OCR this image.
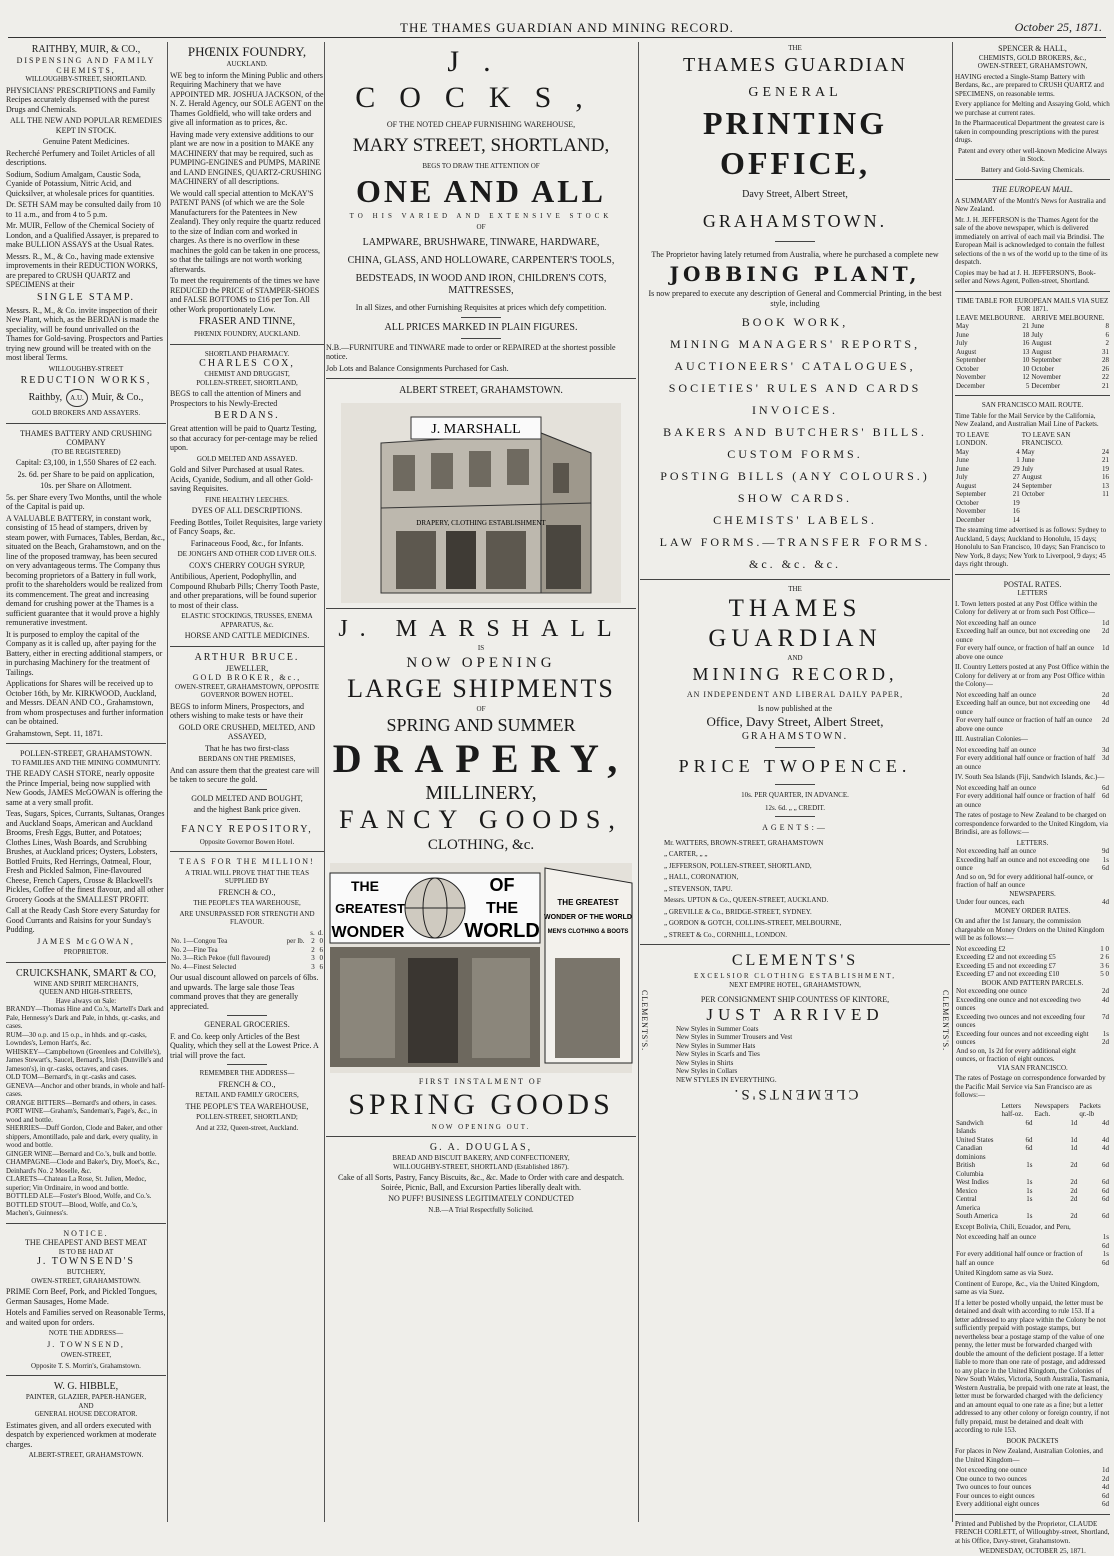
THE THAMES GUARDIAN AND MINING RECORD.	October 25, 1871.
RAITHBY, MUIR, & CO.,
DISPENSING AND FAMILY CHEMISTS,
WILLOUGHBY-STREET, SHORTLAND.

PHYSICIANS' PRESCRIPTIONS and Family Recipes accurately dispensed with the purest Drugs and Chemicals.

ALL THE NEW AND POPULAR REMEDIES KEPT IN STOCK.

Genuine Patent Medicines.

Recherché Perfumery and Toilet Articles of all descriptions.

Sodium, Sodium Amalgam, Caustic Soda, Cyanide of Potassium, Nitric Acid, and Quicksilver, at wholesale prices for quantities.

Dr. SETH SAM may be consulted daily from 10 to 11 a.m., and from 4 to 5 p.m.

Mr. MUIR, Fellow of the Chemical Society of London, and a Qualified Assayer, is prepared to make BULLION ASSAYS at the Usual Rates.

Messrs. R., M., & Co., having made extensive improvements in their REDUCTION WORKS, are prepared to CRUSH QUARTZ and SPECIMENS at their

SINGLE STAMP.

Messrs. R., M., & Co. invite inspection of their New Plant, which, as the BERDAN is made the speciality, will be found unrivalled on the Thames for Gold-saving. Prospectors and Parties trying new ground will be treated with on the most liberal Terms.

WILLOUGHBY-STREET

REDUCTION WORKS,

Raithby,	A.U. Muir, & Co.,

GOLD BROKERS AND ASSAYERS.

THAMES BATTERY AND CRUSHING COMPANY
(TO BE REGISTERED)

Capital: £3,100, in 1,550 Shares of £2 each.

2s. 6d. per Share to be paid on application,

10s. per Share on Allotment.

5s. per Share every Two Months, until the whole of the Capital is paid up.

A VALUABLE BATTERY, in constant work, consisting of 15 head of stampers, driven by steam power, with Furnaces, Tables, Berdan, &c., situated on the Beach, Grahamstown, and on the line of the proposed tramway, has been secured on very advantageous terms. The Company thus becoming proprietors of a Battery in full work, profit to the shareholders would be realized from its commencement. The great and increasing demand for crushing power at the Thames is a sufficient guarantee that it would prove a highly remunerative investment.

It is purposed to employ the capital of the Company as it is called up, after paying for the Battery, either in erecting additional stampers, or in purchasing Machinery for the treatment of Tailings.

Applications for Shares will be received up to October 16th, by Mr. KIRKWOOD, Auckland, and Messrs. DEAN AND CO., Grahamstown, from whom prospectuses and further information can be obtained.

Grahamstown, Sept. 11, 1871.

POLLEN-STREET, GRAHAMSTOWN.
TO FAMILIES AND THE MINING COMMUNITY.

THE READY CASH STORE, nearly opposite the Prince Imperial, being now supplied with New Goods, JAMES McGOWAN is offering the same at a very small profit.

Teas, Sugars, Spices, Currants, Sultanas, Oranges and Auckland Soaps, American and Auckland Brooms, Fresh Eggs, Butter, and Potatoes; Clothes Lines, Wash Boards, and Scrubbing Brushes, at Auckland prices; Oysters, Lobsters, Bottled Fruits, Red Herrings, Oatmeal, Flour, Fresh and Pickled Salmon, Fine-flavoured Cheese, French Capers, Crosse & Blackwell's Pickles, Coffee of the finest flavour, and all other Grocery Goods at the SMALLEST PROFIT.

Call at the Ready Cash Store every Saturday for Good Currants and Raisins for your Sunday's Pudding.

JAMES McGOWAN,

PROPRIETOR.

CRUICKSHANK, SMART & CO,
WINE AND SPIRIT MERCHANTS,
QUEEN AND HIGH-STREETS,
Have always on Sale:
BRANDY—Thomas Hine and Co.'s, Martell's Dark and Pale, Hennessy's Dark and Pale, in hhds, qr.-casks, and cases.
RUM—30 o.p. and 15 o.p., in hhds. and qr.-casks, Lowndes's, Lemon Hart's, &c.
WHISKEY—Campbeltown (Greenlees and Colville's), James Stewart's, Saucel, Bernard's, Irish (Dunville's and Jameson's), in qr.-casks, octaves, and cases.
OLD TOM—Bernard's, in qr.-casks and cases.
GENEVA—Anchor and other brands, in whole and half-cases.
ORANGE BITTERS—Bernard's and others, in cases.
PORT WINE—Graham's, Sandeman's, Page's, &c., in wood and bottle.
SHERRIES—Duff Gordon, Clode and Baker, and other shippers, Amontillado, pale and dark, every quality, in wood and bottle.
GINGER WINE—Bernard and Co.'s, bulk and bottle.
CHAMPAGNE—Clode and Baker's, Dry, Moet's, &c., Deinhard's No. 2 Moselle, &c.
CLARETS—Chateau La Rose, St. Julien, Medoc, superior; Vin Ordinaire, in wood and bottle.
BOTTLED ALE—Foster's Blood, Wolfe, and Co.'s.
BOTTLED STOUT—Blood, Wolfe, and Co.'s, Machen's, Guinness's.
NOTICE.
THE CHEAPEST AND BEST MEAT
IS TO BE HAD AT
J. TOWNSEND'S
BUTCHERY,
OWEN-STREET, GRAHAMSTOWN.

PRIME Corn Beef, Pork, and Pickled Tongues, German Sausages, Home Made.

Hotels and Families served on Reasonable Terms, and waited upon for orders.

NOTE THE ADDRESS—

J. TOWNSEND,

OWEN-STREET,

Opposite T. S. Morrin's, Grahamstown.

W. G. HIBBLE,
PAINTER, GLAZIER, PAPER-HANGER,
AND
GENERAL HOUSE DECORATOR.

Estimates given, and all orders executed with despatch by experienced workmen at moderate charges.

ALBERT-STREET, GRAHAMSTOWN.

PHŒNIX FOUNDRY,
AUCKLAND.

WE beg to inform the Mining Public and others Requiring Machinery that we have APPOINTED MR. JOSHUA JACKSON, of the N. Z. Herald Agency, our SOLE AGENT on the Thames Goldfield, who will take orders and give all information as to prices, &c.

Having made very extensive additions to our plant we are now in a position to MAKE any MACHINERY that may be required, such as PUMPING-ENGINES and PUMPS, MARINE and LAND ENGINES, QUARTZ-CRUSHING MACHINERY of all descriptions.

We would call special attention to McKAY'S PATENT PANS (of which we are the Sole Manufacturers for the Patentees in New Zealand). They only require the quartz reduced to the size of Indian corn and worked in charges. As there is no overflow in these machines the gold can be taken in one process, so that the tailings are not worth working afterwards.

To meet the requirements of the times we have REDUCED the PRICE of STAMPER-SHOES and FALSE BOTTOMS to £16 per Ton. All other Work proportionately Low.

FRASER AND TINNE,

PHŒNIX FOUNDRY, AUCKLAND.

SHORTLAND PHARMACY.
CHARLES COX,
CHEMIST AND DRUGGIST,
POLLEN-STREET, SHORTLAND,

BEGS to call the attention of Miners and Prospectors to his Newly-Erected

BERDANS.

Great attention will be paid to Quartz Testing, so that accuracy for per-centage may be relied upon.

GOLD MELTED AND ASSAYED.

Gold and Silver Purchased at usual Rates. Acids, Cyanide, Sodium, and all other Gold-saving Requisites.

FINE HEALTHY LEECHES.

DYES OF ALL DESCRIPTIONS.

Feeding Bottles, Toilet Requisites, large variety of Fancy Soaps, &c.

Farinaceous Food, &c., for Infants.

DE JONGH'S AND OTHER COD LIVER OILS.

COX'S CHERRY COUGH SYRUP,

Antibilious, Aperient, Podophyllin, and Compound Rhubarb Pills; Cherry Tooth Paste, and other preparations, will be found superior to most of their class.

ELASTIC STOCKINGS, TRUSSES, ENEMA APPARATUS, &c.

HORSE AND CATTLE MEDICINES.

ARTHUR BRUCE.
JEWELLER,
GOLD BROKER, &c.,
OWEN-STREET, GRAHAMSTOWN, OPPOSITE GOVERNOR BOWEN HOTEL.

BEGS to inform Miners, Prospectors, and others wishing to make tests or have their

GOLD ORE CRUSHED, MELTED, AND ASSAYED,

That he has two first-class

BERDANS ON THE PREMISES,

And can assure them that the greatest care will be taken to secure the gold.

GOLD MELTED AND BOUGHT,

and the highest Bank price given.

FANCY REPOSITORY,

Opposite Governor Bowen Hotel.

TEAS FOR THE MILLION!

A TRIAL WILL PROVE THAT THE TEAS SUPPLIED BY

FRENCH & CO.,

THE PEOPLE'S TEA WAREHOUSE,

ARE UNSURPASSED FOR STRENGTH AND FLAVOUR.

		s.	d.
No. 1—Congou Tea	per lb.	2	0
No. 2—Fine Tea		2	6
No. 3—Rich Pekoe (full flavoured)		3	0
No. 4—Finest Selected		3	6

Our usual discount allowed on parcels of 6lbs. and upwards. The large sale those Teas command proves that they are generally appreciated.

GENERAL GROCERIES.

F. and Co. keep only Articles of the Best Quality, which they sell at the Lowest Price. A trial will prove the fact.

REMEMBER THE ADDRESS—

FRENCH & CO.,

RETAIL AND FAMILY GROCERS,

THE PEOPLE'S TEA WAREHOUSE,

POLLEN-STREET, SHORTLAND;

And at 232, Queen-street, Auckland.

J. COCKS,
OF THE NOTED CHEAP FURNISHING WAREHOUSE,
MARY STREET, SHORTLAND,

BEGS TO DRAW THE ATTENTION OF

ONE AND ALL

TO HIS VARIED AND EXTENSIVE STOCK

OF

LAMPWARE, BRUSHWARE, TINWARE, HARDWARE,

CHINA, GLASS, AND HOLLOWARE, CARPENTER'S TOOLS,

BEDSTEADS, IN WOOD AND IRON, CHILDREN'S COTS, MATTRESSES,

In all Sizes, and other Furnishing Requisites at prices which defy competition.

ALL PRICES MARKED IN PLAIN FIGURES.

N.B.—FURNITURE and TINWARE made to order or REPAIRED at the shortest possible notice.

Job Lots and Balance Consignments Purchased for Cash.

ALBERT STREET, GRAHAMSTOWN.
J. MARSHALL
DRAPERY, CLOTHING ESTABLISHMENT
J. MARSHALL
IS
NOW OPENING
LARGE SHIPMENTS
OF
SPRING AND SUMMER
DRAPERY,
MILLINERY,
FANCY GOODS,
CLOTHING, &c.
THE
GREATEST
WONDER
OF
THE
WORLD
THE GREATEST
WONDER OF THE WORLD
MEN'S CLOTHING & BOOTS
FIRST INSTALMENT OF
SPRING GOODS
NOW OPENING OUT.
G. A. DOUGLAS,
BREAD AND BISCUIT BAKERY, AND CONFECTIONERY,
WILLOUGHBY-STREET, SHORTLAND (Established 1867).

Cake of all Sorts, Pastry, Fancy Biscuits, &c., &c. Made to Order with care and despatch. Soirée, Picnic, Ball, and Excursion Parties liberally dealt with.

NO PUFF! BUSINESS LEGITIMATELY CONDUCTED

N.B.—A Trial Respectfully Solicited.

THE
THAMES GUARDIAN
GENERAL
PRINTING OFFICE,
Davy Street, Albert Street,
GRAHAMSTOWN.

The Proprietor having lately returned from Australia, where he purchased a complete new

JOBBING PLANT,

Is now prepared to execute any description of General and Commercial Printing, in the best style, including

BOOK WORK,
MINING MANAGERS' REPORTS,
AUCTIONEERS' CATALOGUES,
SOCIETIES' RULES AND CARDS
INVOICES.
BAKERS AND BUTCHERS' BILLS.
CUSTOM FORMS.
POSTING BILLS (ANY COLOURS.)
SHOW CARDS.
CHEMISTS' LABELS.
LAW FORMS.—TRANSFER FORMS.
&c. &c. &c.
THE
THAMES GUARDIAN
AND
MINING RECORD,
AN INDEPENDENT AND LIBERAL DAILY PAPER,
Is now published at the
Office, Davy Street, Albert Street,
GRAHAMSTOWN.
PRICE TWOPENCE.
10s. PER QUARTER, IN ADVANCE.
12s. 6d. „ „ CREDIT.
AGENTS:—
Mr. WATTERS, BROWN-STREET, GRAHAMSTOWN
„ CARTER, „ „
„ JEFFERSON, POLLEN-STREET, SHORTLAND,
„ HALL, CORONATION,
„ STEVENSON, TAPU.
Messrs. UPTON & Co., QUEEN-STREET, AUCKLAND.
„ GREVILLE & Co., BRIDGE-STREET, SYDNEY.
„ GORDON & GOTCH, COLLINS-STREET, MELBOURNE,
„ STREET & Co., CORNHILL, LONDON.
CLEMENTS'S
EXCELSIOR CLOTHING ESTABLISHMENT,
NEXT EMPIRE HOTEL, GRAHAMSTOWN,
PER CONSIGNMENT SHIP COUNTESS OF KINTORE,
JUST ARRIVED
New Styles in Summer Coats
New Styles in Summer Trousers and Vest
New Styles in Summer Hats
New Styles in Scarfs and Ties
New Styles in Shirts
New Styles in Collars
NEW STYLES IN EVERYTHING.
CLEMENTS'S.
CLEMENTS'S.	CLEMENTS'S.
SPENCER & HALL,
CHEMISTS, GOLD BROKERS, &c.,
OWEN-STREET, GRAHAMSTOWN,

HAVING erected a Single-Stamp Battery with Berdans, &c., are prepared to CRUSH QUARTZ and SPECIMENS, on reasonable terms.

Every appliance for Melting and Assaying Gold, which we purchase at current rates.

In the Pharmaceutical Department the greatest care is taken in compounding prescriptions with the purest drugs.

Patent and every other well-known Medicine Always in Stock.

Battery and Gold-Saving Chemicals.

THE EUROPEAN MAIL.

A SUMMARY of the Month's News for Australia and New Zealand.

Mr. J. H. JEFFERSON is the Thames Agent for the sale of the above newspaper, which is delivered immediately on arrival of each mail via Brindisi. The European Mail is acknowledged to contain the fullest selections of the n ws of the world up to the time of its despatch.

Copies may be had at J. H. JEFFERSON'S, Book-seller and News Agent, Pollen-street, Shortland.

TIME TABLE FOR EUROPEAN MAILS VIA SUEZ FOR 1871.
LEAVE MELBOURNE.		ARRIVE MELBOURNE.	
May	21	June	8
June	18	July	6
July	16	August	2
August	13	August	31
September	10	September	28
October	10	October	26
November	12	November	22
December	5	December	21
SAN FRANCISCO MAIL ROUTE.

Time Table for the Mail Service by the California, New Zealand, and Australian Mail Line of Packets.

TO LEAVE LONDON.		TO LEAVE SAN FRANCISCO.	
May	4	May	24
June	1	June	21
June	29	July	19
July	27	August	16
August	24	September	13
September	21	October	11
October	19		
November	16		
December	14		

The steaming time advertised is as follows: Sydney to Auckland, 5 days; Auckland to Honolulu, 15 days; Honolulu to San Francisco, 10 days; San Francisco to New York, 8 days; New York to Liverpool, 9 days; 45 days right through.

POSTAL RATES.
LETTERS

I. Town letters posted at any Post Office within the Colony for delivery at or from such Post Office—

Not exceeding half an ounce	1d
Exceeding half an ounce, but not exceeding one ounce	2d
For every half ounce, or fraction of half an ounce above one ounce	1d

II. Country Letters posted at any Post Office within the Colony for delivery at or from any Post Office within the Colony—

Not exceeding half an ounce	2d
Exceeding half an ounce, but not exceeding one ounce	4d
For every half ounce or fraction of half an ounce above one ounce	2d

III. Australian Colonies—

Not exceeding half an ounce	3d
For every additional half ounce or fraction of half an ounce	3d

IV. South Sea Islands (Fiji, Sandwich Islands, &c.)—

Not exceeding half an ounce	6d
For every additional half ounce or fraction of half an ounce	6d

The rates of postage to New Zealand to be charged on correspondence forwarded to the United Kingdom, via Brindisi, are as follows:—

LETTERS.
Not exceeding half an ounce	9d
Exceeding half an ounce and not exceeding one ounce	1s 6d
And so on, 9d for every additional half-ounce, or fraction of half an ounce	
NEWSPAPERS.
Under four ounces, each	4d
MONEY ORDER RATES.

On and after the 1st January, the commission chargeable on Money Orders on the United Kingdom will be as follows:—

Not exceeding £2	1 0
Exceeding £2 and not exceeding £5	2 6
Exceeding £5 and not exceeding £7	3 6
Exceeding £7 and not exceeding £10	5 0
BOOK AND PATTERN PARCELS.
Not exceeding one ounce	2d
Exceeding one ounce and not exceeding two ounces	4d
Exceeding two ounces and not exceeding four ounces	7d
Exceeding four ounces and not exceeding eight ounces	1s 2d
And so on, 1s 2d for every additional eight ounces, or fraction of eight ounces.	
VIA SAN FRANCISCO.

The rates of Postage on correspondence forwarded by the Pacific Mail Service via San Francisco are as follows:—

	Letters half-oz.	Newspapers Each.	Packets qr.-lb
Sandwich Islands	6d	1d	4d
United States	6d	1d	4d
Canadian dominions	6d	1d	4d
British Columbia	1s	2d	6d
West Indies	1s	2d	6d
Mexico	1s	2d	6d
Central America	1s	2d	6d
South America	1s	2d	6d

Except Bolivia, Chili, Ecuador, and Peru,

Not exceeding half an ounce	1s 6d
For every additional half ounce or fraction of half an ounce	1s 6d

United Kingdom same as via Suez.

Continent of Europe, &c., via the United Kingdom, same as via Suez.

If a letter be posted wholly unpaid, the letter must be detained and dealt with according to rule 153. If a letter addressed to any place within the Colony be not sufficiently prepaid with postage stamps, but nevertheless bear a postage stamp of the value of one penny, the letter must be forwarded charged with double the amount of the deficient postage. If a letter liable to more than one rate of postage, and addressed to any place in the United Kingdom, the Colonies of New South Wales, Victoria, South Australia, Tasmania, Western Australia, be prepaid with one rate at least, the letter must be forwarded charged with the deficiency and an amount equal to one rate as a fine; but a letter addressed to any other colony or foreign country, if not fully prepaid, must be detained and dealt with according to rule 153.

BOOK PACKETS

For places in New Zealand, Australian Colonies, and the United Kingdom—

Not exceeding one ounce	1d
One ounce to two ounces	2d
Two ounces to four ounces	4d
Four ounces to eight ounces	6d
Every additional eight ounces	6d

Printed and Published by the Proprietor, CLAUDE FRENCH CORLETT, of Willoughby-street, Shortland, at his Office, Davy-street, Grahamstown.

WEDNESDAY, OCTOBER 25, 1871.
